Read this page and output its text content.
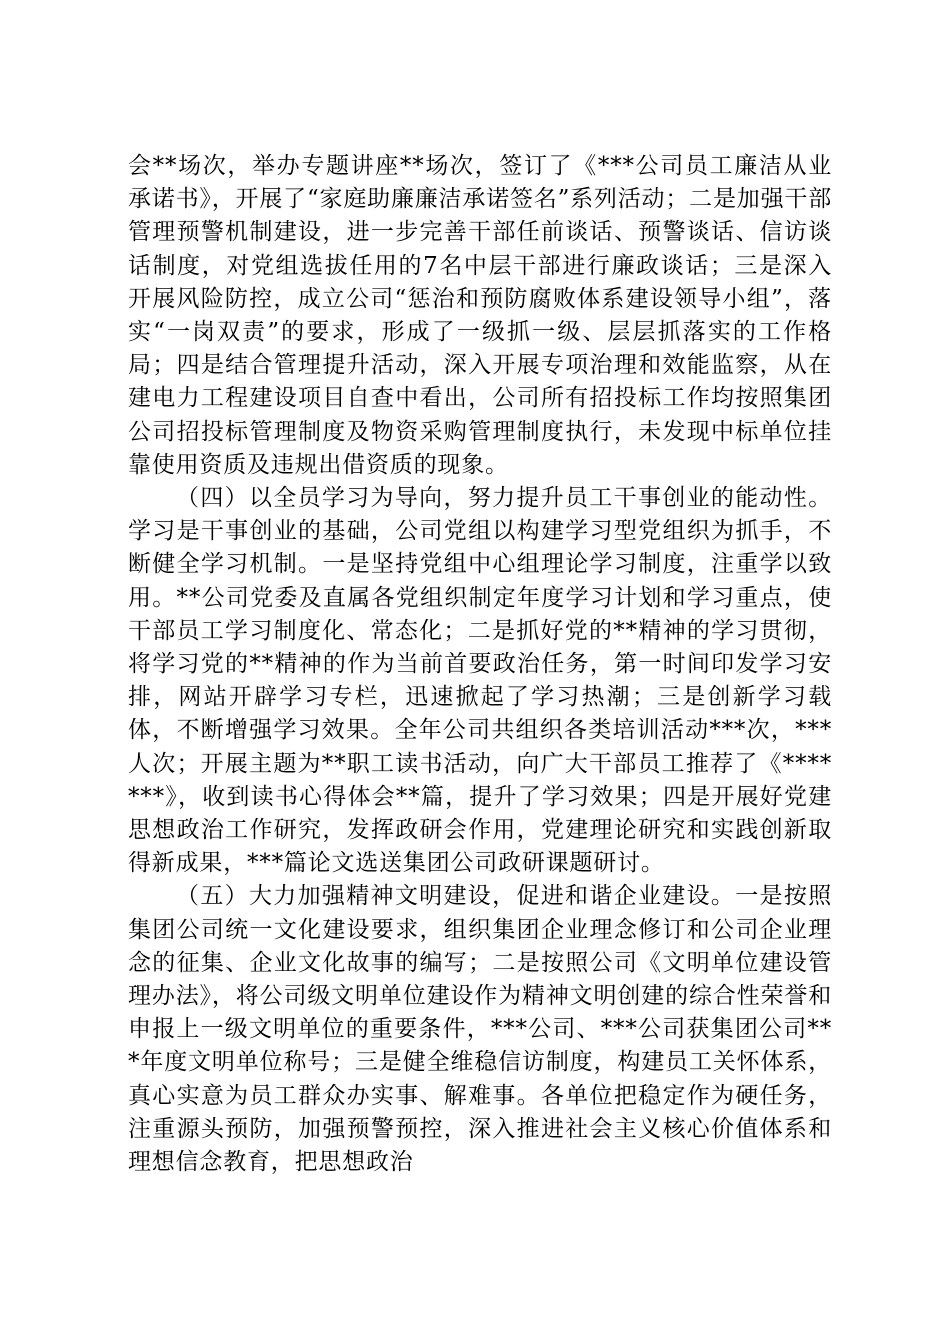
会**场次，举办专题讲座**场次，签订了《***公司员工廉洁从业承诺书》，开展了“家庭助廉廉洁承诺签名”系列活动；二是加强干部管理预警机制建设，进一步完善干部任前谈话、预警谈话、信访谈话制度，对党组选拔任用的7名中层干部进行廉政谈话；三是深入开展风险防控，成立公司“惩治和预防腐败体系建设领导小组”，落实“一岗双责”的要求，形成了一级抓一级、层层抓落实的工作格局；四是结合管理提升活动，深入开展专项治理和效能监察，从在建电力工程建设项目自查中看出，公司所有招投标工作均按照集团公司招投标管理制度及物资采购管理制度执行，未发现中标单位挂靠使用资质及违规出借资质的现象。

（四）以全员学习为导向，努力提升员工干事创业的能动性。学习是干事创业的基础，公司党组以构建学习型党组织为抓手，不断健全学习机制。一是坚持党组中心组理论学习制度，注重学以致用。**公司党委及直属各党组织制定年度学习计划和学习重点，使干部员工学习制度化、常态化；二是抓好党的**精神的学习贯彻，将学习党的**精神的作为当前首要政治任务，第一时间印发学习安排，网站开辟学习专栏，迅速掀起了学习热潮；三是创新学习载体，不断增强学习效果。全年公司共组织各类培训活动***次，***人次；开展主题为**职工读书活动，向广大干部员工推荐了《*******》，收到读书心得体会**篇，提升了学习效果；四是开展好党建思想政治工作研究，发挥政研会作用，党建理论研究和实践创新取得新成果，***篇论文选送集团公司政研课题研讨。

（五）大力加强精神文明建设，促进和谐企业建设。一是按照集团公司统一文化建设要求，组织集团企业理念修订和公司企业理念的征集、企业文化故事的编写；二是按照公司《文明单位建设管理办法》，将公司级文明单位建设作为精神文明创建的综合性荣誉和申报上一级文明单位的重要条件，***公司、***公司获集团公司***年度文明单位称号；三是健全维稳信访制度，构建员工关怀体系，真心实意为员工群众办实事、解难事。各单位把稳定作为硬任务，注重源头预防，加强预警预控，深入推进社会主义核心价值体系和理想信念教育，把思想政治
